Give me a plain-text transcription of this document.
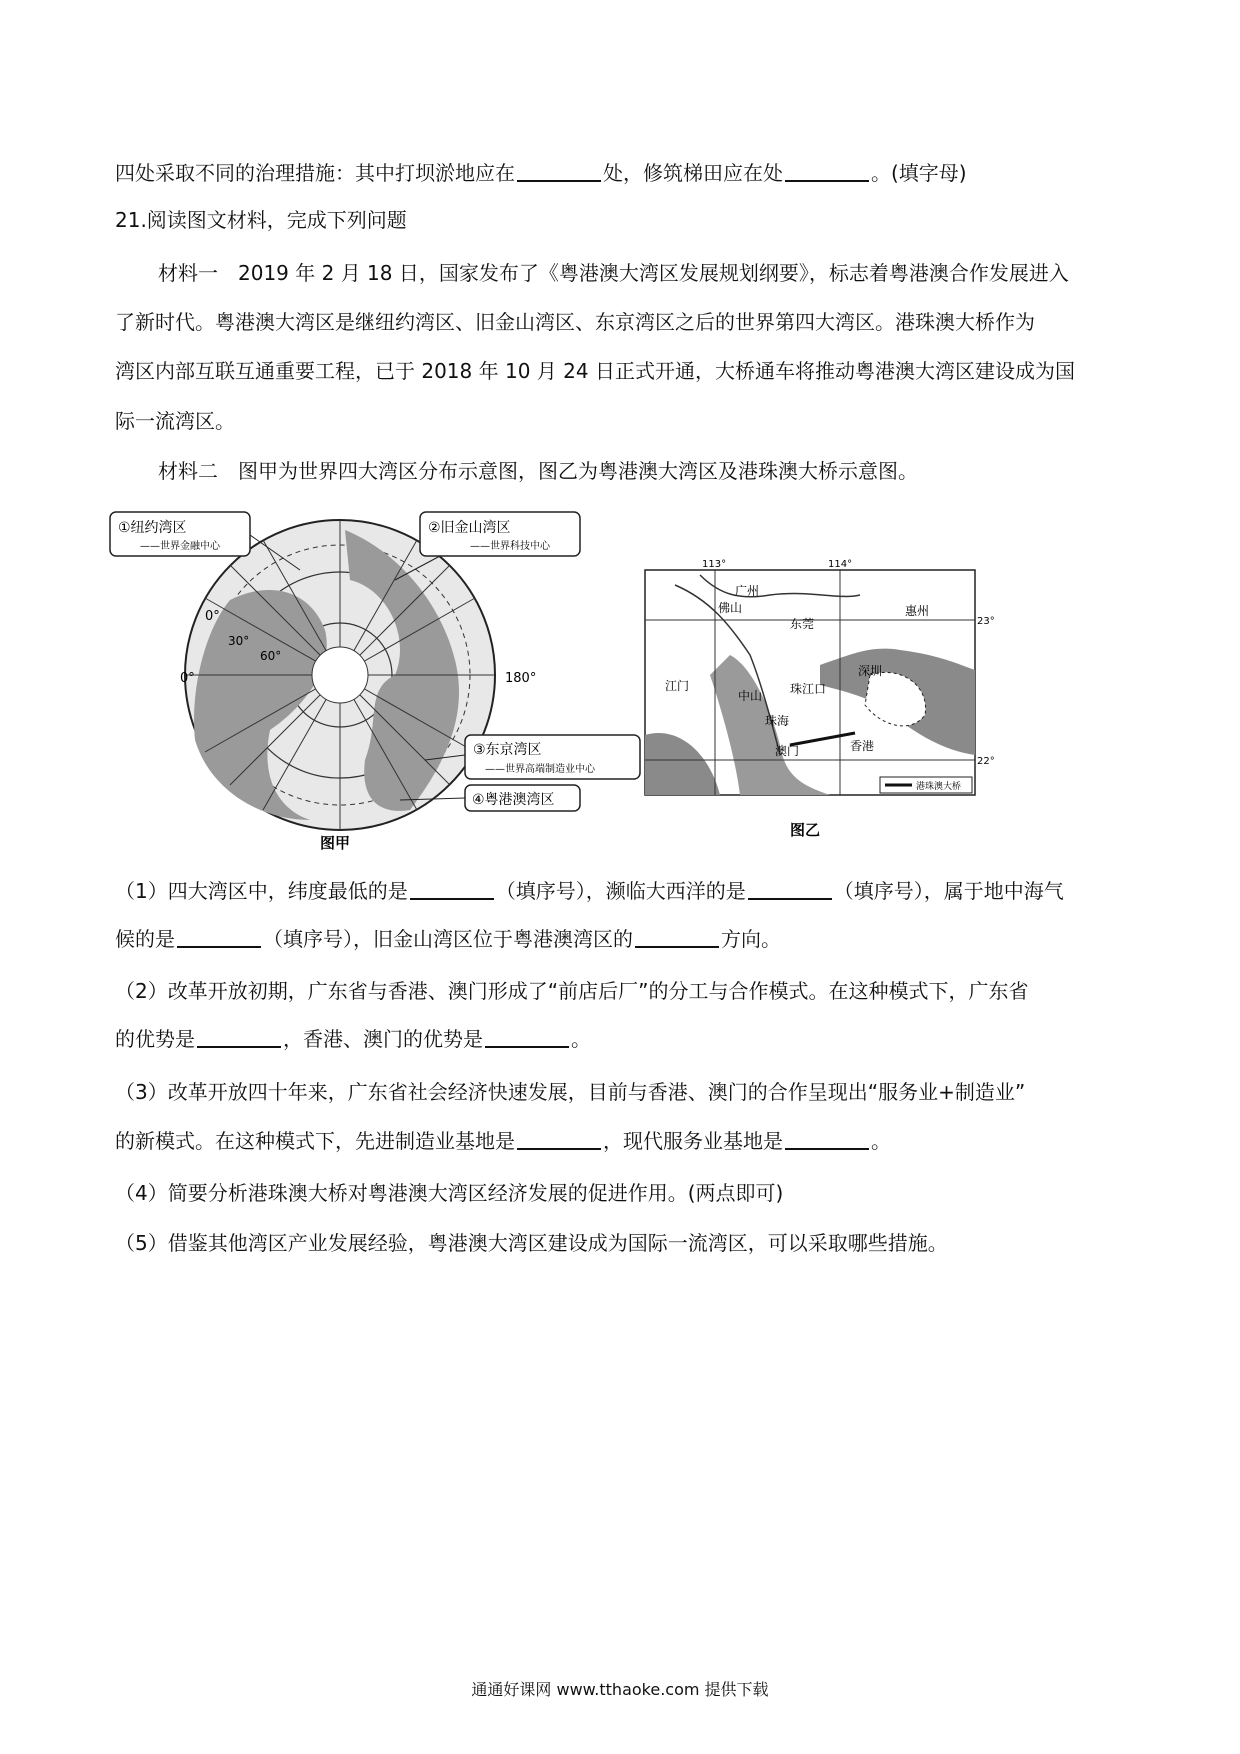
四处采取不同的治理措施：其中打坝淤地应在	处，修筑梯田应在处	。(填字母)
21.阅读图文材料，完成下列问题
材料一　2019 年 2 月 18 日，国家发布了《粤港澳大湾区发展规划纲要》，标志着粤港澳合作发展进入
了新时代。粤港澳大湾区是继纽约湾区、旧金山湾区、东京湾区之后的世界第四大湾区。港珠澳大桥作为
湾区内部互联互通重要工程，已于 2018 年 10 月 24 日正式开通，大桥通车将推动粤港澳大湾区建设成为国
际一流湾区。
材料二　图甲为世界四大湾区分布示意图，图乙为粤港澳大湾区及港珠澳大桥示意图。
0°
30°
60°
0°	180°
①纽约湾区
——世界金融中心
②旧金山湾区
——世界科技中心
③东京湾区
——世界高端制造业中心
④粤港澳湾区
图甲
113°	114°
23°
22°
广州
佛山
东莞
惠州
深圳
江门
中山 珠江口
珠海
澳门	香港
港珠澳大桥
图乙
（1）四大湾区中，纬度最低的是	（填序号），濒临大西洋的是	（填序号），属于地中海气
候的是	（填序号），旧金山湾区位于粤港澳湾区的	方向。
（2）改革开放初期，广东省与香港、澳门形成了“前店后厂”的分工与合作模式。在这种模式下，广东省
的优势是	，香港、澳门的优势是	。
（3）改革开放四十年来，广东省社会经济快速发展，目前与香港、澳门的合作呈现出“服务业+制造业”
的新模式。在这种模式下，先进制造业基地是	，现代服务业基地是	。
（4）简要分析港珠澳大桥对粤港澳大湾区经济发展的促进作用。(两点即可)
（5）借鉴其他湾区产业发展经验，粤港澳大湾区建设成为国际一流湾区，可以采取哪些措施。
通通好课网 www.tthaoke.com 提供下载
